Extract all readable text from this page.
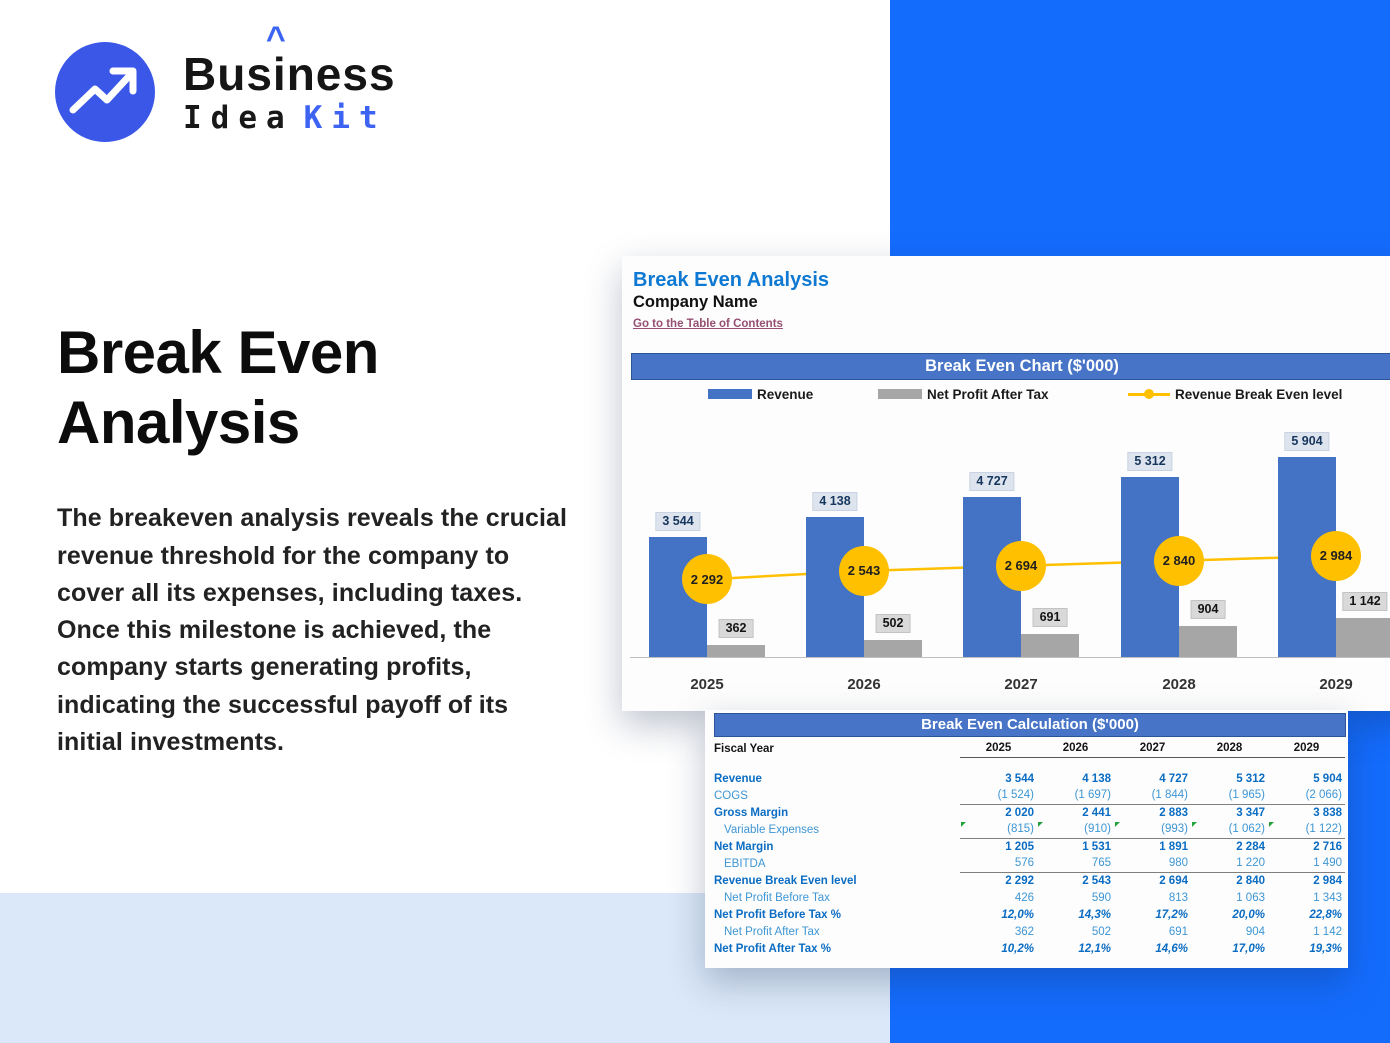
Busi
^
ness
Idea Kit
Break Even
Analysis

The breakeven analysis reveals the crucial revenue threshold for the company to cover all its expenses, including taxes. Once this milestone is achieved, the company starts generating profits, indicating the successful payoff of its initial investments.

Break Even Analysis
Company Name
Go to the Table of Contents
Break Even Chart ($'000)
Revenue	Net Profit After Tax	Revenue Break Even level
3 544
362
2 292
4 138
502
2 543
4 727
691
2 694
5 312
904
2 840
5 904
1 142
2 984
2025	2026	2027	2028	2029
Break Even Calculation ($'000)
Fiscal Year	2025	2026	2027	2028	2029

Revenue	3 544	4 138	4 727	5 312	5 904
COGS	(1 524)	(1 697)	(1 844)	(1 965)	(2 066)
Gross Margin	2 020	2 441	2 883	3 347	3 838
Variable Expenses	(815)	(910)	(993)	(1 062)	(1 122)

Net Margin	1 205	1 531	1 891	2 284	2 716
EBITDA	576	765	980	1 220	1 490
Revenue Break Even level	2 292	2 543	2 694	2 840	2 984
Net Profit Before Tax	426	590	813	1 063	1 343
Net Profit Before Tax %	12,0%	14,3%	17,2%	20,0%	22,8%
Net Profit After Tax	362	502	691	904	1 142
Net Profit After Tax %	10,2%	12,1%	14,6%	17,0%	19,3%
